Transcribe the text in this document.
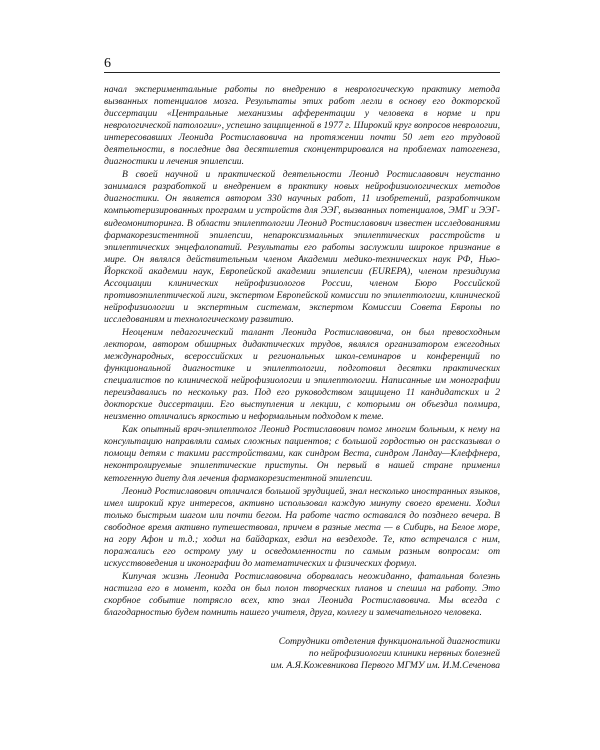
6

начал экспериментальные работы по внедрению в неврологическую практику метода вызванных потенциалов мозга. Результаты этих работ легли в основу его докторской диссертации «Центральные механизмы афферентации у человека в норме и при неврологической патологии», успешно защищенной в 1977 г. Широкий круг вопросов неврологии, интересовавших Леонида Ростиславовича на протяжении почти 50 лет его трудовой деятельности, в последние два десятилетия сконцентрировался на проблемах патогенеза, диагностики и лечения эпилепсии.

В своей научной и практической деятельности Леонид Ростиславович неустанно занимался разработкой и внедрением в практику новых нейрофизиологических методов диагностики. Он является автором 330 научных работ, 11 изобретений, разработчиком компьютеризированных программ и устройств для ЭЭГ, вызванных потенциалов, ЭМГ и ЭЭГ-видеомониторинга. В области эпилептологии Леонид Ростиславович известен исследованиями фармакорезистентной эпилепсии, непароксизмальных эпилептических расстройств и эпилептических энцефалопатий. Результаты его работы заслужили широкое признание в мире. Он являлся действительным членом Академии медико-технических наук РФ, Нью-Йоркской академии наук, Европейской академии эпилепсии (EUREPA), членом президиума Ассоциации клинических нейрофизиологов России, членом Бюро Российской противоэпилептической лиги, экспертом Европейской комиссии по эпилептологии, клинической нейрофизиологии и экспертным системам, экспертом Комиссии Совета Европы по исследованиям и технологическому развитию.

Неоценим педагогический талант Леонида Ростиславовича, он был превосходным лектором, автором обширных дидактических трудов, являлся организатором ежегодных международных, всероссийских и региональных школ-семинаров и конференций по функциональной диагностике и эпилептологии, подготовил десятки практических специалистов по клинической нейрофизиологии и эпилептологии. Написанные им монографии переиздавались по нескольку раз. Под его руководством защищено 11 кандидатских и 2 докторские диссертации. Его выступления и лекции, с которыми он объездил полмира, неизменно отличались яркостью и неформальным подходом к теме.

Как опытный врач-эпилептолог Леонид Ростиславович помог многим больным, к нему на консультацию направляли самых сложных пациентов; с большой гордостью он рассказывал о помощи детям с такими расстройствами, как синдром Веста, синдром Ландау—Клеффнера, неконтролируемые эпилептические приступы. Он первый в нашей стране применил кетогенную диету для лечения фармакорезистентной эпилепсии.

Леонид Ростиславович отличался большой эрудицией, знал несколько иностранных языков, имел широкий круг интересов, активно использовал каждую минуту своего времени. Ходил только быстрым шагом или почти бегом. На работе часто оставался до позднего вечера. В свободное время активно путешествовал, причем в разные места — в Сибирь, на Белое море, на гору Афон и т.д.; ходил на байдарках, ездил на вездеходе. Те, кто встречался с ним, поражались его острому уму и осведомленности по самым разным вопросам: от искусствоведения и иконографии до математических и физических формул.

Кипучая жизнь Леонида Ростиславовича оборвалась неожиданно, фатальная болезнь настигла его в момент, когда он был полон творческих планов и спешил на работу. Это скорбное событие потрясло всех, кто знал Леонида Ростиславовича. Мы всегда с благодарностью будем помнить нашего учителя, друга, коллегу и замечательного человека.

Сотрудники отделения функциональной диагностики
по нейрофизиологии клиники нервных болезней
им. А.Я.Кожевникова Первого МГМУ им. И.М.Сеченова
